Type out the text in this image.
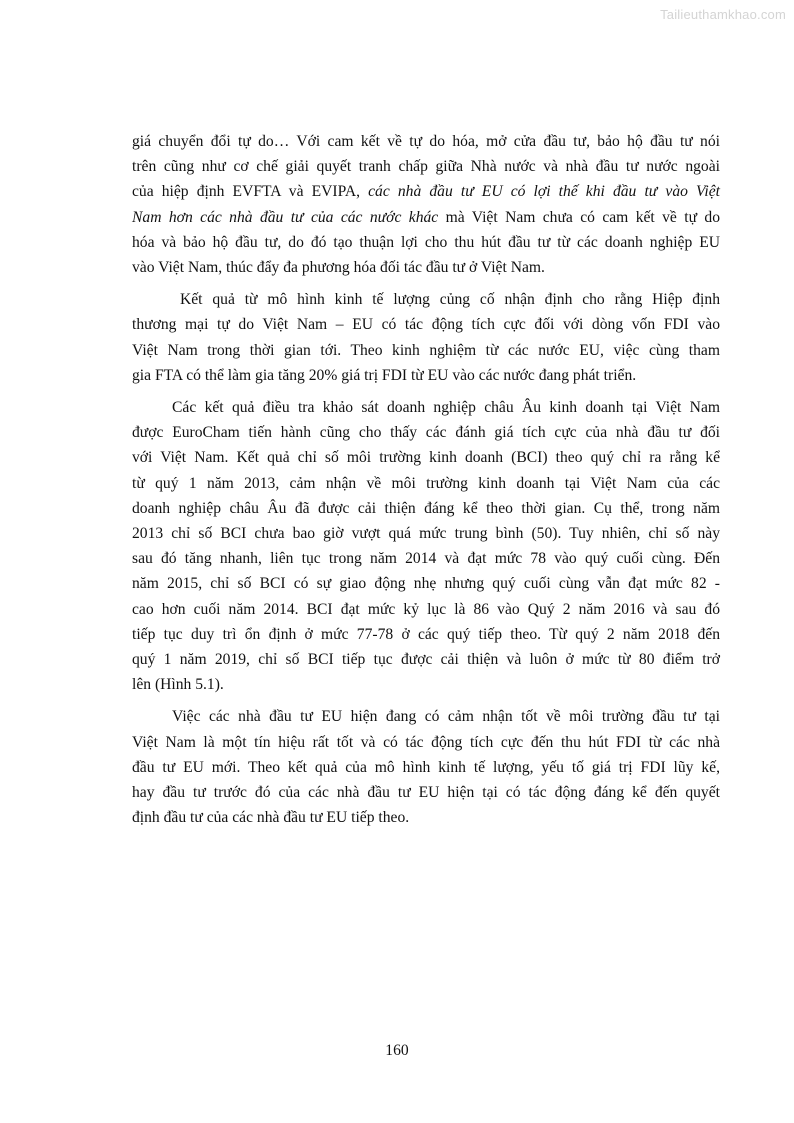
Tailieuthamkhao.com
giá chuyển đổi tự do… Với cam kết về tự do hóa, mở cửa đầu tư, bảo hộ đầu tư nói
trên cũng như cơ chế giải quyết tranh chấp giữa Nhà nước và nhà đầu tư nước ngoài
của hiệp định EVFTA và EVIPA, các nhà đầu tư EU có lợi thế khi đầu tư vào Việt
Nam hơn các nhà đầu tư của các nước khác mà Việt Nam chưa có cam kết về tự do
hóa và bảo hộ đầu tư, do đó tạo thuận lợi cho thu hút đầu tư từ các doanh nghiệp EU
vào Việt Nam, thúc đẩy đa phương hóa đối tác đầu tư ở Việt Nam.
Kết quả từ mô hình kinh tế lượng củng cố nhận định cho rằng Hiệp định
thương mại tự do Việt Nam – EU có tác động tích cực đối với dòng vốn FDI vào
Việt Nam trong thời gian tới. Theo kinh nghiệm từ các nước EU, việc cùng tham
gia FTA có thể làm gia tăng 20% giá trị FDI từ EU vào các nước đang phát triển.
Các kết quả điều tra khảo sát doanh nghiệp châu Âu kinh doanh tại Việt Nam
được EuroCham tiến hành cũng cho thấy các đánh giá tích cực của nhà đầu tư đối
với Việt Nam. Kết quả chỉ số môi trường kinh doanh (BCI) theo quý chỉ ra rằng kể
từ quý 1 năm 2013, cảm nhận về môi trường kinh doanh tại Việt Nam của các
doanh nghiệp châu Âu đã được cải thiện đáng kể theo thời gian. Cụ thể, trong năm
2013 chỉ số BCI chưa bao giờ vượt quá mức trung bình (50). Tuy nhiên, chỉ số này
sau đó tăng nhanh, liên tục trong năm 2014 và đạt mức 78 vào quý cuối cùng. Đến
năm 2015, chỉ số BCI có sự giao động nhẹ nhưng quý cuối cùng vẫn đạt mức 82 -
cao hơn cuối năm 2014. BCI đạt mức kỷ lục là 86 vào Quý 2 năm 2016 và sau đó
tiếp tục duy trì ổn định ở mức 77-78 ở các quý tiếp theo. Từ quý 2 năm 2018 đến
quý 1 năm 2019, chỉ số BCI tiếp tục được cải thiện và luôn ở mức từ 80 điểm trở
lên (Hình 5.1).
Việc các nhà đầu tư EU hiện đang có cảm nhận tốt về môi trường đầu tư tại
Việt Nam là một tín hiệu rất tốt và có tác động tích cực đến thu hút FDI từ các nhà
đầu tư EU mới. Theo kết quả của mô hình kinh tế lượng, yếu tố giá trị FDI lũy kế,
hay đầu tư trước đó của các nhà đầu tư EU hiện tại có tác động đáng kể đến quyết
định đầu tư của các nhà đầu tư EU tiếp theo.
160
